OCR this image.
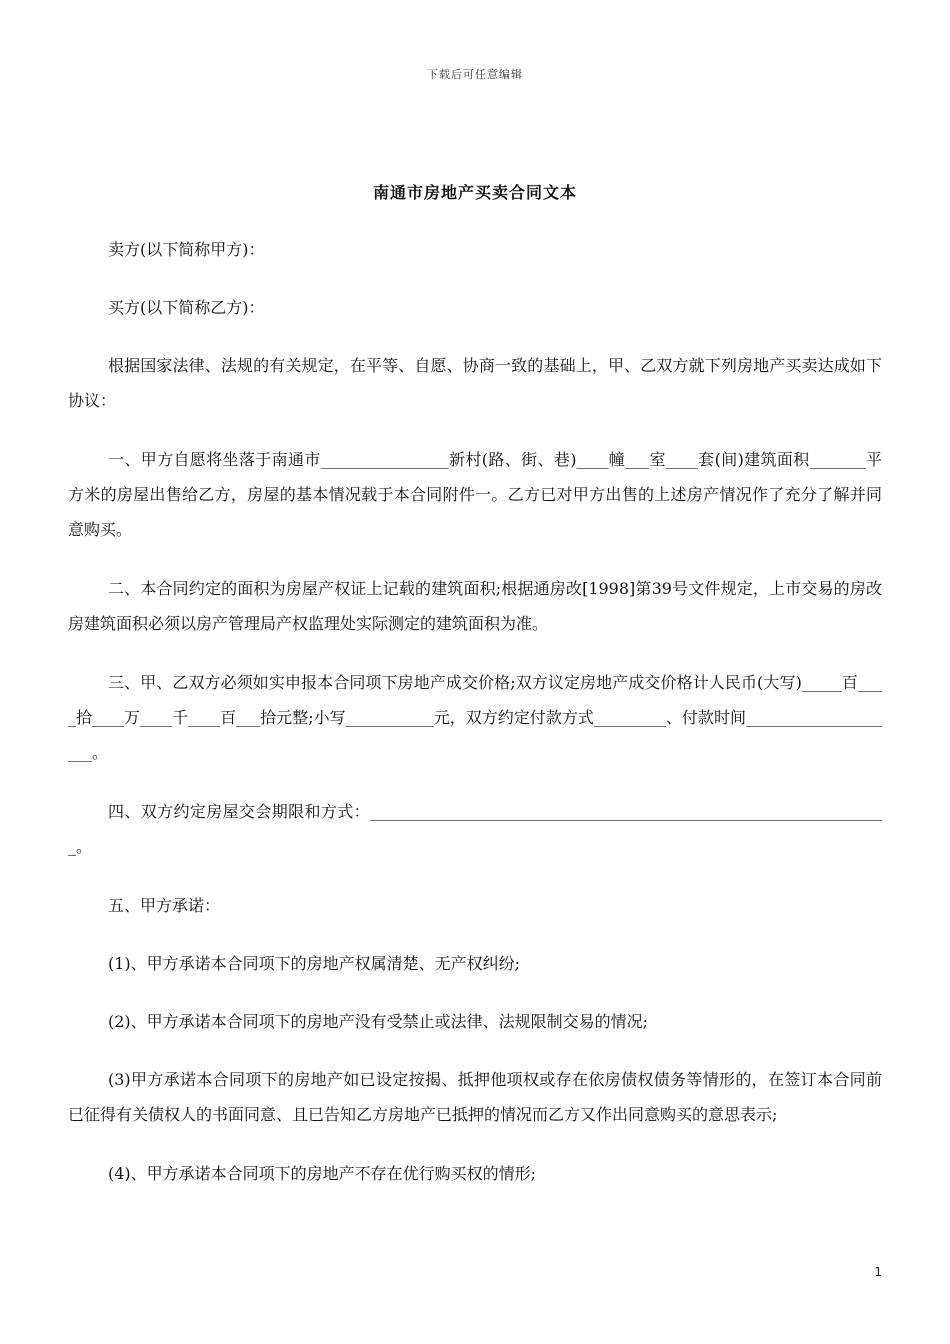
下载后可任意编辑
南通市房地产买卖合同文本

卖方(以下简称甲方)：

买方(以下简称乙方)：

根据国家法律、法规的有关规定，在平等、自愿、协商一致的基础上，甲、乙双方就下列房地产买卖达成如下协议：

一、甲方自愿将坐落于南通市________________新村(路、街、巷)____幢___室____套(间)建筑面积_______平方米的房屋出售给乙方，房屋的基本情况载于本合同附件一。乙方已对甲方出售的上述房产情况作了充分了解并同意购买。

二、本合同约定的面积为房屋产权证上记载的建筑面积;根据通房改[1998]第39号文件规定，上市交易的房改房建筑面积必须以房产管理局产权监理处实际测定的建筑面积为准。

三、甲、乙双方必须如实申报本合同项下房地产成交价格;双方议定房地产成交价格计人民币(大写)_____百____拾____万____千____百___拾元整;小写___________元，双方约定付款方式_________、付款时间____________________。

四、双方约定房屋交会期限和方式：_________________________________________________________________。

五、甲方承诺：

(1)、甲方承诺本合同项下的房地产权属清楚、无产权纠纷;

(2)、甲方承诺本合同项下的房地产没有受禁止或法律、法规限制交易的情况;

(3)甲方承诺本合同项下的房地产如已设定按揭、抵押他项权或存在依房债权债务等情形的，在签订本合同前已征得有关债权人的书面同意、且已告知乙方房地产已抵押的情况而乙方又作出同意购买的意思表示;

(4)、甲方承诺本合同项下的房地产不存在优行购买权的情形;

1
